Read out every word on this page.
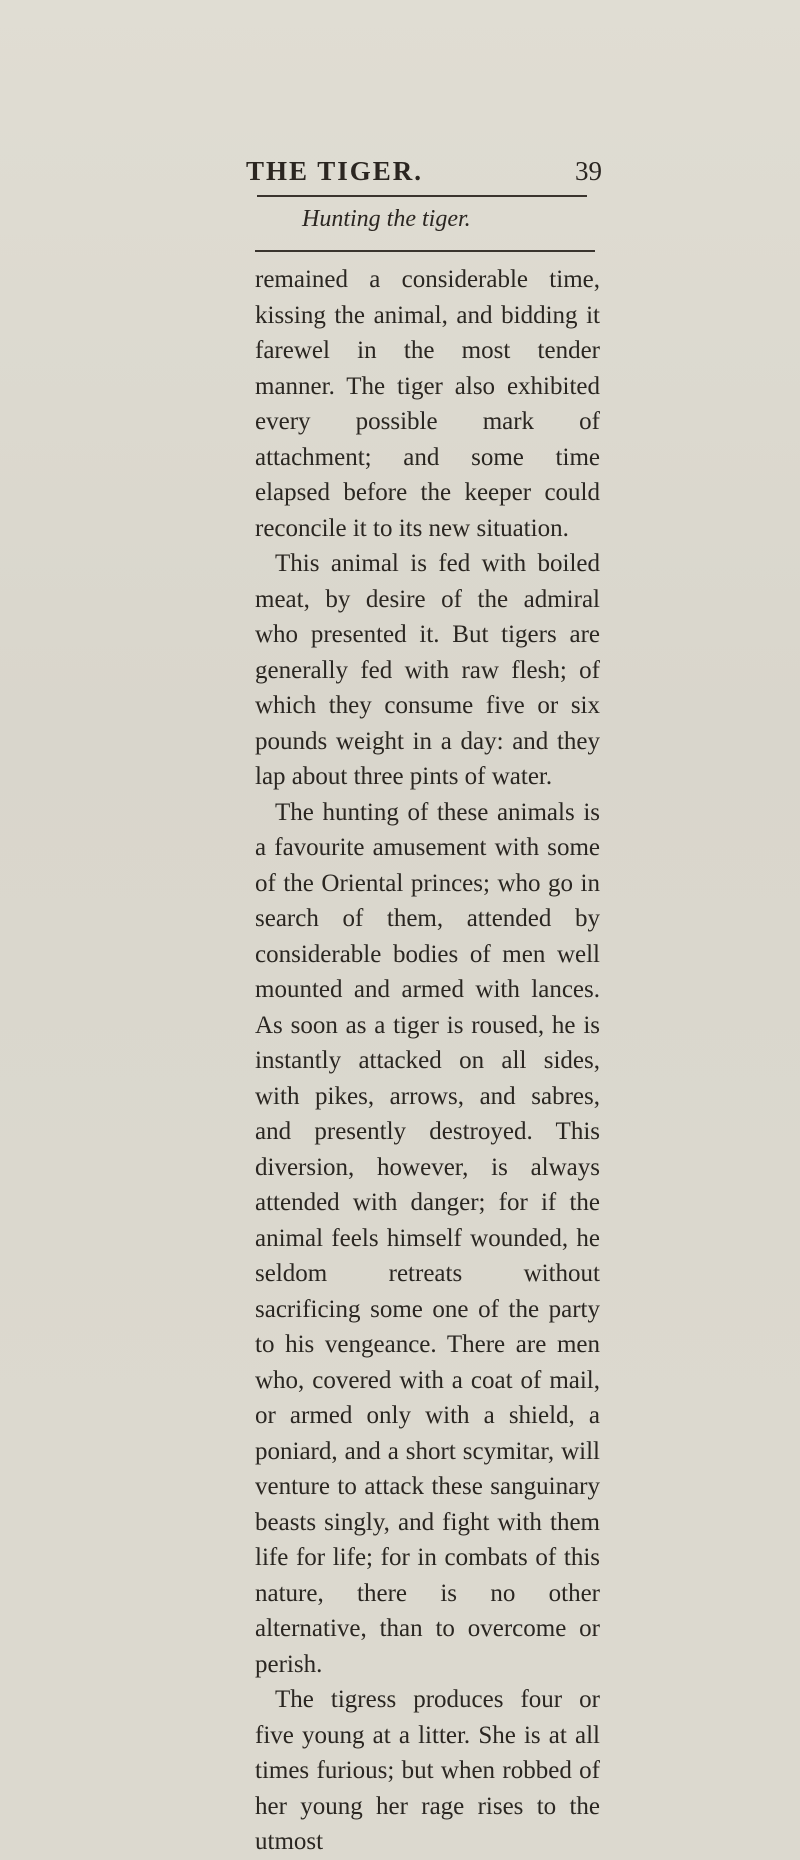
THE TIGER.	39
Hunting the tiger.

remained a considerable time, kissing the animal, and bidding it farewel in the most tender manner. The tiger also exhibited every possible mark of attachment; and some time elapsed before the keeper could reconcile it to its new situation.

This animal is fed with boiled meat, by desire of the admiral who presented it. But tigers are generally fed with raw flesh; of which they consume five or six pounds weight in a day: and they lap about three pints of water.

The hunting of these animals is a favourite amusement with some of the Oriental princes; who go in search of them, attended by considerable bodies of men well mounted and armed with lances. As soon as a tiger is roused, he is instantly attacked on all sides, with pikes, arrows, and sabres, and presently destroyed. This diversion, however, is always attended with danger; for if the animal feels himself wounded, he seldom retreats without sacrificing some one of the party to his vengeance. There are men who, covered with a coat of mail, or armed only with a shield, a poniard, and a short scymitar, will venture to attack these sanguinary beasts singly, and fight with them life for life; for in combats of this nature, there is no other alternative, than to overcome or perish.

The tigress produces four or five young at a litter. She is at all times furious; but when robbed of her young her rage rises to the utmost
